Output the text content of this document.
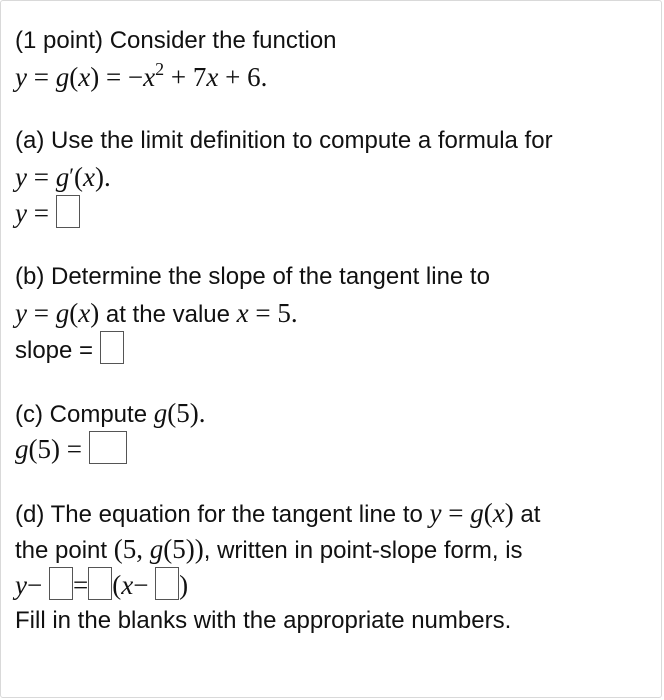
(1 point) Consider the function
$y = g(x) = -x^2 + 7x + 6$.
(a) Use the limit definition to compute a formula for
y = g′(x).
y =
(b) Determine the slope of the tangent line to
y = g(x) at the value x = 5.
slope =
(c) Compute g(5).
g(5) =
(d) The equation for the tangent line to y = g(x) at
the point (5, g(5)), written in point-slope form, is
y− = (x− )
Fill in the blanks with the appropriate numbers.
